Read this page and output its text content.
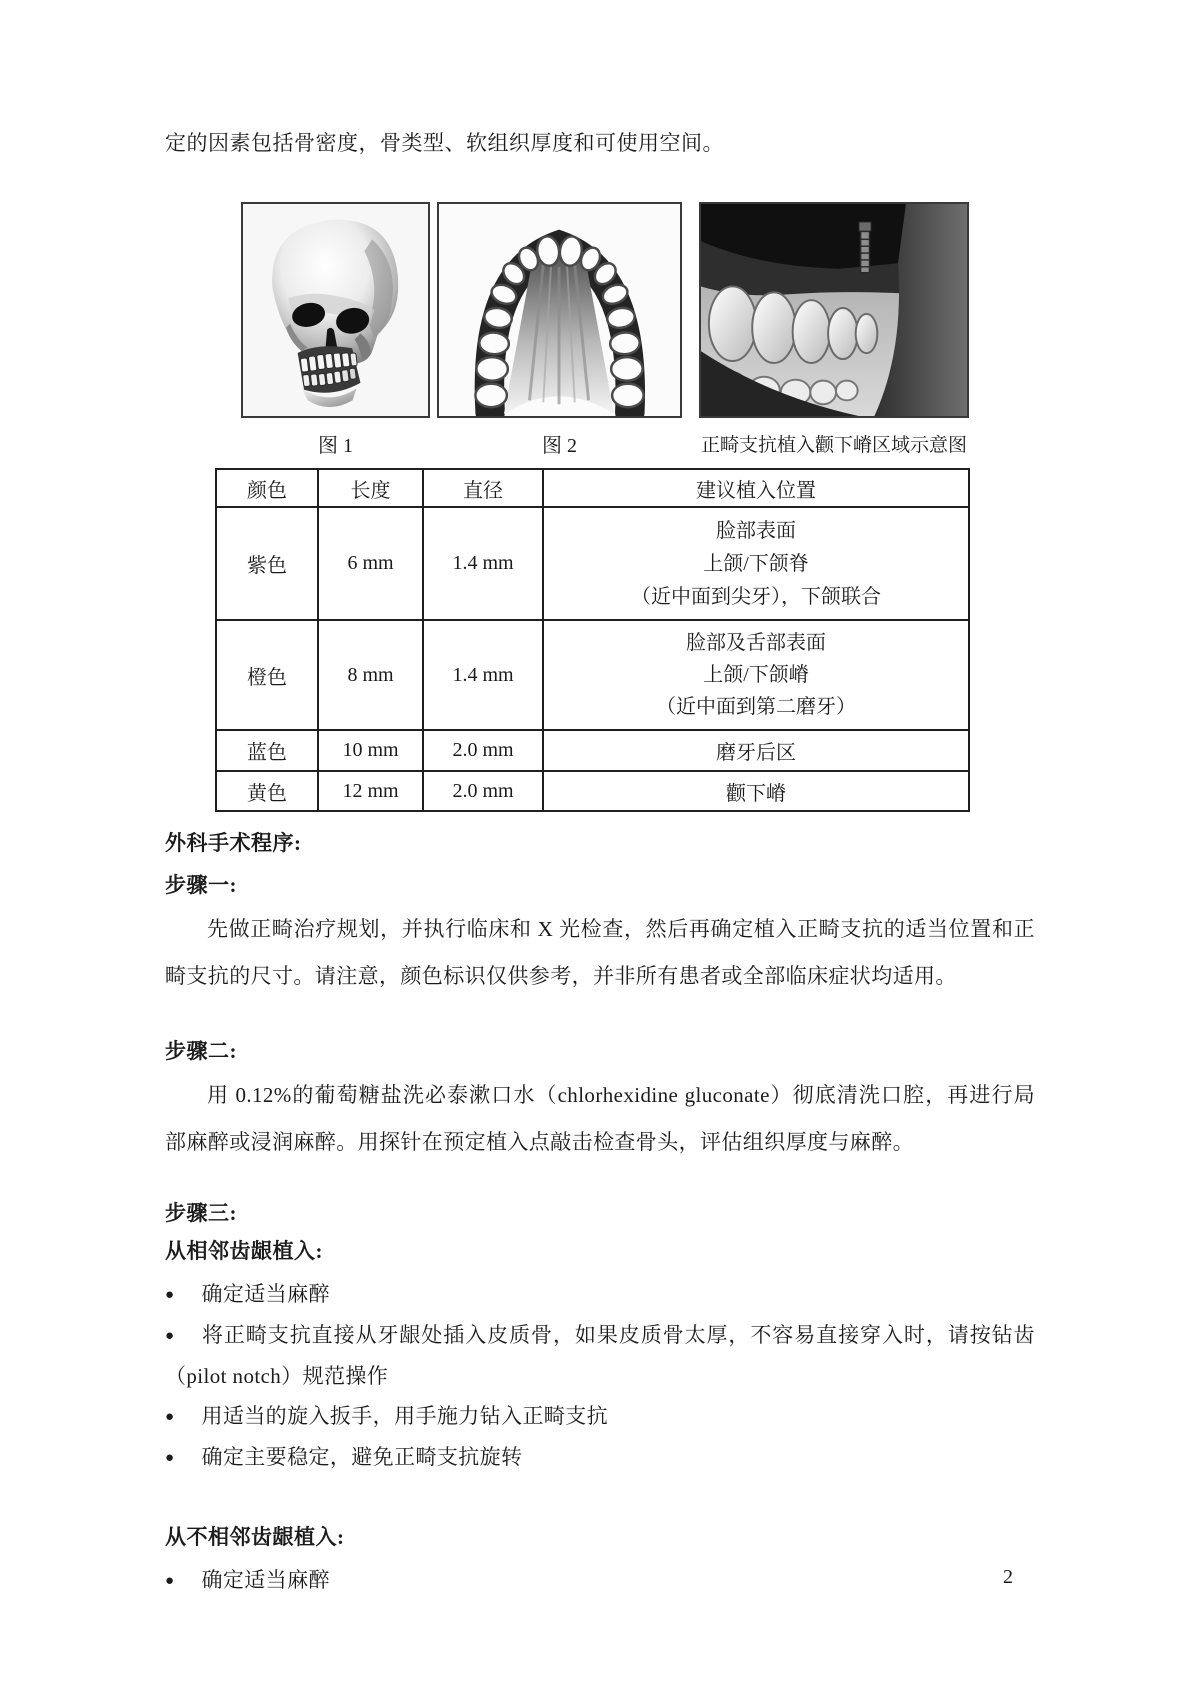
定的因素包括骨密度，骨类型、软组织厚度和可使用空间。
图 1	图 2	正畸支抗植入颧下嵴区域示意图
颜色	长度	直径	建议植入位置
紫色	6 mm	1.4 mm	脸部表面
上颌/下颌脊
（近中面到尖牙），下颌联合

橙色	8 mm	1.4 mm	脸部及舌部表面
上颌/下颌嵴
（近中面到第二磨牙）

蓝色	10 mm	2.0 mm	磨牙后区
黄色	12 mm	2.0 mm	颧下嵴
外科手术程序:
步骤一:
先做正畸治疗规划，并执行临床和 X 光检查，然后再确定植入正畸支抗的适当位置和正畸支抗的尺寸。请注意，颜色标识仅供参考，并非所有患者或全部临床症状均适用。
步骤二:
用 0.12%的葡萄糖盐洗必泰漱口水（chlorhexidine gluconate）彻底清洗口腔，再进行局部麻醉或浸润麻醉。用探针在预定植入点敲击检查骨头，评估组织厚度与麻醉。
步骤三:
从相邻齿龈植入:
● 确定适当麻醉
● 将正畸支抗直接从牙龈处插入皮质骨，如果皮质骨太厚，不容易直接穿入时，请按钻齿（pilot notch）规范操作
● 用适当的旋入扳手，用手施力钻入正畸支抗
● 确定主要稳定，避免正畸支抗旋转
从不相邻齿龈植入:
● 确定适当麻醉	2
